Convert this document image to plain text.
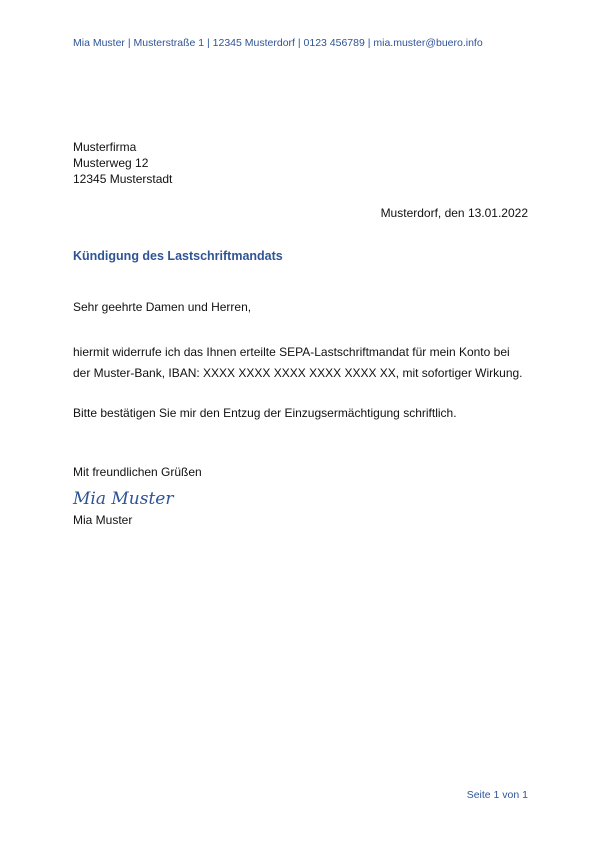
Mia Muster | Musterstraße 1 | 12345 Musterdorf | 0123 456789 | mia.muster@buero.info
Musterfirma
Musterweg 12
12345 Musterstadt
Musterdorf, den 13.01.2022
Kündigung des Lastschriftmandats
Sehr geehrte Damen und Herren,
hiermit widerrufe ich das Ihnen erteilte SEPA-Lastschriftmandat für mein Konto bei
der Muster-Bank, IBAN: XXXX XXXX XXXX XXXX XXXX XX, mit sofortiger Wirkung.
Bitte bestätigen Sie mir den Entzug der Einzugsermächtigung schriftlich.
Mit freundlichen Grüßen
Mia Muster
Mia Muster
Seite 1 von 1
